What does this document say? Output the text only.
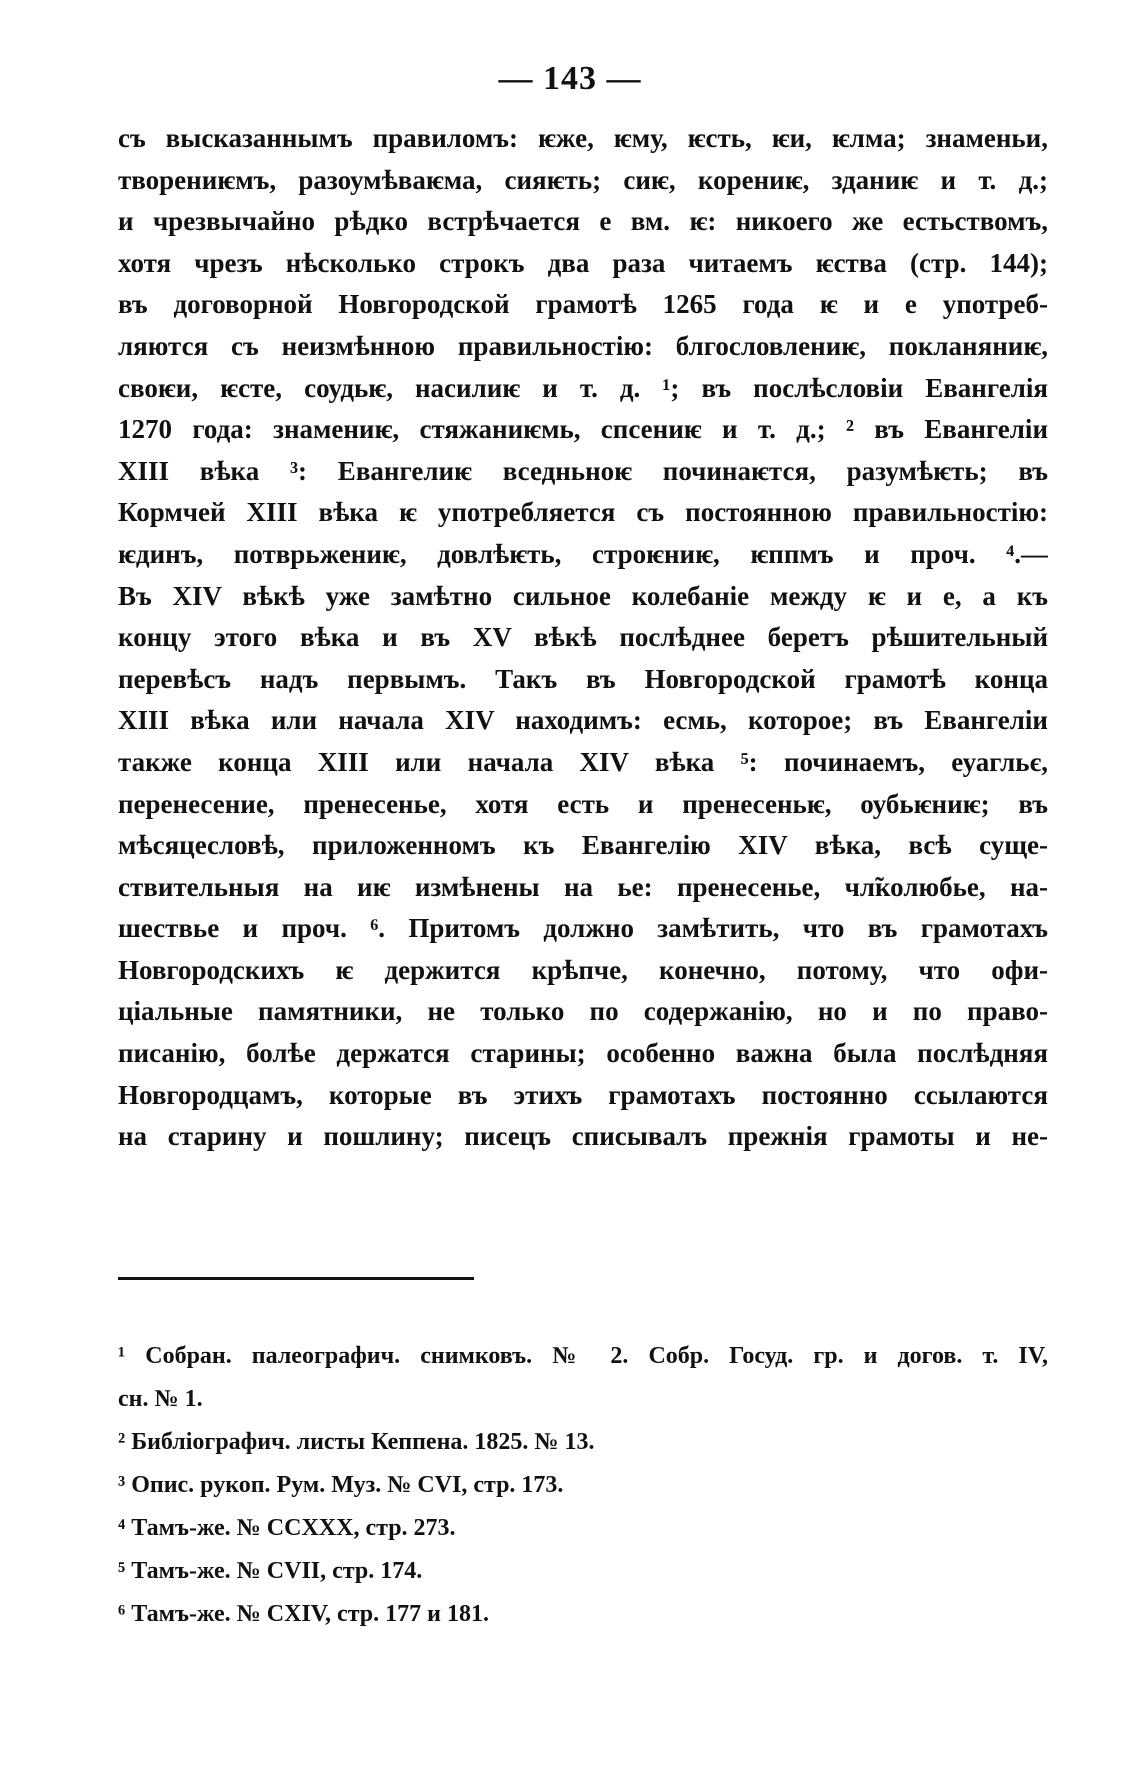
— 143 —
съ высказаннымъ правиломъ: ѥже, ѥму, ѥсть, ѥи, ѥлма; знаменьи,
творениѥмъ, разоумѣваѥма, сияѥть; сиѥ, корениѥ, зданиѥ и т. д.;
и чрезвычайно рѣдко встрѣчается е вм. ѥ: никоего же естьствомъ,
хотя чрезъ нѣсколько строкъ два раза читаемъ ѥства (стр. 144);
въ договорной Новгородской грамотѣ 1265 года ѥ и е употреб-
ляются съ неизмѣнною правильностію: блгословлениѥ, покланяниѥ,
своѥи, ѥсте, соудьѥ, насилиѥ и т. д. ¹; въ послѣсловіи Евангелія
1270 года: знамениѥ, стяжаниѥмь, спсениѥ и т. д.; ² въ Евангеліи
XIII вѣка ³: Евангелиѥ вседньноѥ починаѥтся, разумѣѥть; въ
Кормчей XIII вѣка ѥ употребляется съ постоянною правильностію:
ѥдинъ, потврьжениѥ, довлѣѥть, строѥниѥ, ѥппмъ и проч. ⁴.—
Въ XIV вѣкѣ уже замѣтно сильное колебаніе между ѥ и е, а къ
концу этого вѣка и въ XV вѣкѣ послѣднее беретъ рѣшительный
перевѣсъ надъ первымъ. Такъ въ Новгородской грамотѣ конца
XIII вѣка или начала XIV находимъ: есмь, которое; въ Евангеліи
также конца XIII или начала XIV вѣка ⁵: починаемъ, еуагльє,
перенесение, пренесенье, хотя есть и пренесеньѥ, оубьѥниѥ; въ
мѣсяцесловѣ, приложенномъ къ Евангелію XIV вѣка, всѣ суще-
ствительныя на иѥ измѣнены на ье: пренесенье, чл̃колюбье, на-
шествье и проч. ⁶. Притомъ должно замѣтить, что въ грамотахъ
Новгородскихъ ѥ держится крѣпче, конечно, потому, что офи-
ціальные памятники, не только по содержанію, но и по право-
писанію, болѣе держатся старины; особенно важна была послѣдняя
Новгородцамъ, которые въ этихъ грамотахъ постоянно ссылаются
на старину и пошлину; писецъ списывалъ прежнія грамоты и не-
¹ Собран. палеографич. снимковъ. № 2. Собр. Госуд. гр. и догов. т. IV,
сн. № 1.
² Библіографич. листы Кеппена. 1825. № 13.
³ Опис. рукоп. Рум. Муз. № CVI, стр. 173.
⁴ Тамъ-же. № CCXXX, стр. 273.
⁵ Тамъ-же. № CVII, стр. 174.
⁶ Тамъ-же. № CXIV, стр. 177 и 181.
